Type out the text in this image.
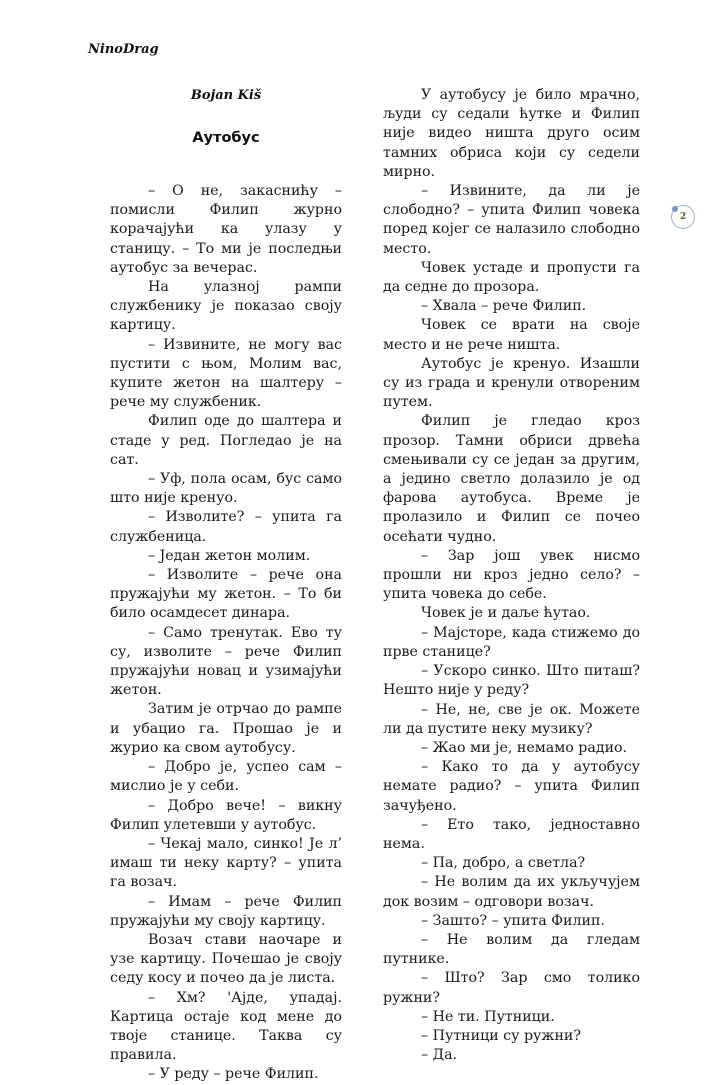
NinoDrag
2
Bojan Kiš
Аутобус

– О не, закаснићу – помисли Филип журно корачајући ка улазу у станицу. – То ми је последњи аутобус за вечерас.

На улазној рампи службенику је показао своју картицу.

– Извините, не могу вас пустити с њом, Молим вас, купите жетон на шалтеру – рече му службеник.

Филип оде до шалтера и стаде у ред. Погледао је на сат.

– Уф, пола осам, бус само што није кренуо.

– Изволите? – упита га службеница.

– Један жетон молим.

– Изволите – рече она пружајући му жетон. – То би било осамдесет динара.

– Само тренутак. Ево ту су, изволите – рече Филип пружајући новац и узимајући жетон.

Затим је отрчао до рампе и убацио га. Прошао је и журио ка свом аутобусу.

– Добро је, успео сам – мислио је у себи.

– Добро вече! – викну Филип улетевши у аутобус.

– Чекај мало, синко! Је л’ имаш ти неку карту? – упита га возач.

– Имам – рече Филип пружајући му своју картицу.

Возач стави наочаре и узе картицу. Почешао је своју седу косу и почео да је листа.

– Хм? 'Ајде, упадај. Картица остаје код мене до твоје станице. Таква су правила.

– У реду – рече Филип.

У аутобусу је било мрачно, људи су седали ћутке и Филип није видео ништа друго осим тамних обриса који су седели мирно.

– Извините, да ли је слободно? – упита Филип човека поред којег се налазило слободно место.

Човек устаде и пропусти га да седне до прозора.

– Хвала – рече Филип.

Човек се врати на своје место и не рече ништа.

Аутобус је кренуо. Изашли су из града и кренули отвореним путем.

Филип је гледао кроз прозор. Тамни обриси дрвећа смењивали су се један за другим, а једино светло долазило је од фарова аутобуса. Време је пролазило и Филип се почео осећати чудно.

– Зар још увек нисмо прошли ни кроз једно село? – упита човека до себе.

Човек је и даље ћутао.

– Мајсторе, када стижемо до прве станице?

– Ускоро синко. Што питаш? Нешто није у реду?

– Не, не, све је ок. Можете ли да пустите неку музику?

– Жао ми је, немамо радио.

– Како то да у аутобусу немате радио? – упита Филип зачуђено.

– Ето тако, једноставно нема.

– Па, добро, а светла?

– Не волим да их укључујем док возим – одговори возач.

– Зашто? – упита Филип.

– Не волим да гледам путнике.

– Што? Зар смо толико ружни?

– Не ти. Путници.

– Путници су ружни?

– Да.
